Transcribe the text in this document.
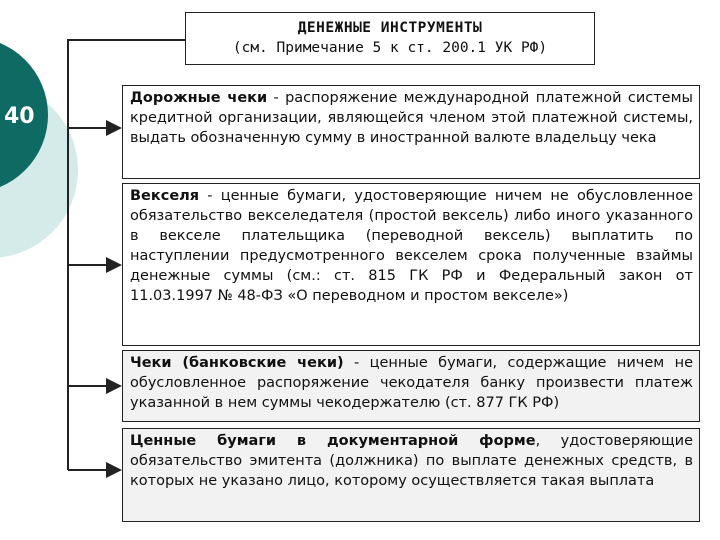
40
ДЕНЕЖНЫЕ ИНСТРУМЕНТЫ
(см. Примечание 5 к ст. 200.1 УК РФ)
Дорожные чеки - распоряжение международной платежной системы кредитной организации, являющейся членом этой платежной системы, выдать обозначенную сумму в иностранной валюте владельцу чека
Векселя - ценные бумаги, удостоверяющие ничем не обусловленное обязательство векселедателя (простой вексель) либо иного указанного в векселе плательщика (переводной вексель) выплатить по наступлении предусмотренного векселем срока полученные взаймы денежные суммы (см.: ст. 815 ГК РФ и Федеральный закон от 11.03.1997 № 48-ФЗ «О переводном и простом векселе»)
Чеки (банковские чеки) - ценные бумаги, содержащие ничем не обусловленное распоряжение чекодателя банку произвести платеж указанной в нем суммы чекодержателю (ст. 877 ГК РФ)
Ценные бумаги в документарной форме, удостоверяющие обязательство эмитента (должника) по выплате денежных средств, в которых не указано лицо, которому осуществляется такая выплата
